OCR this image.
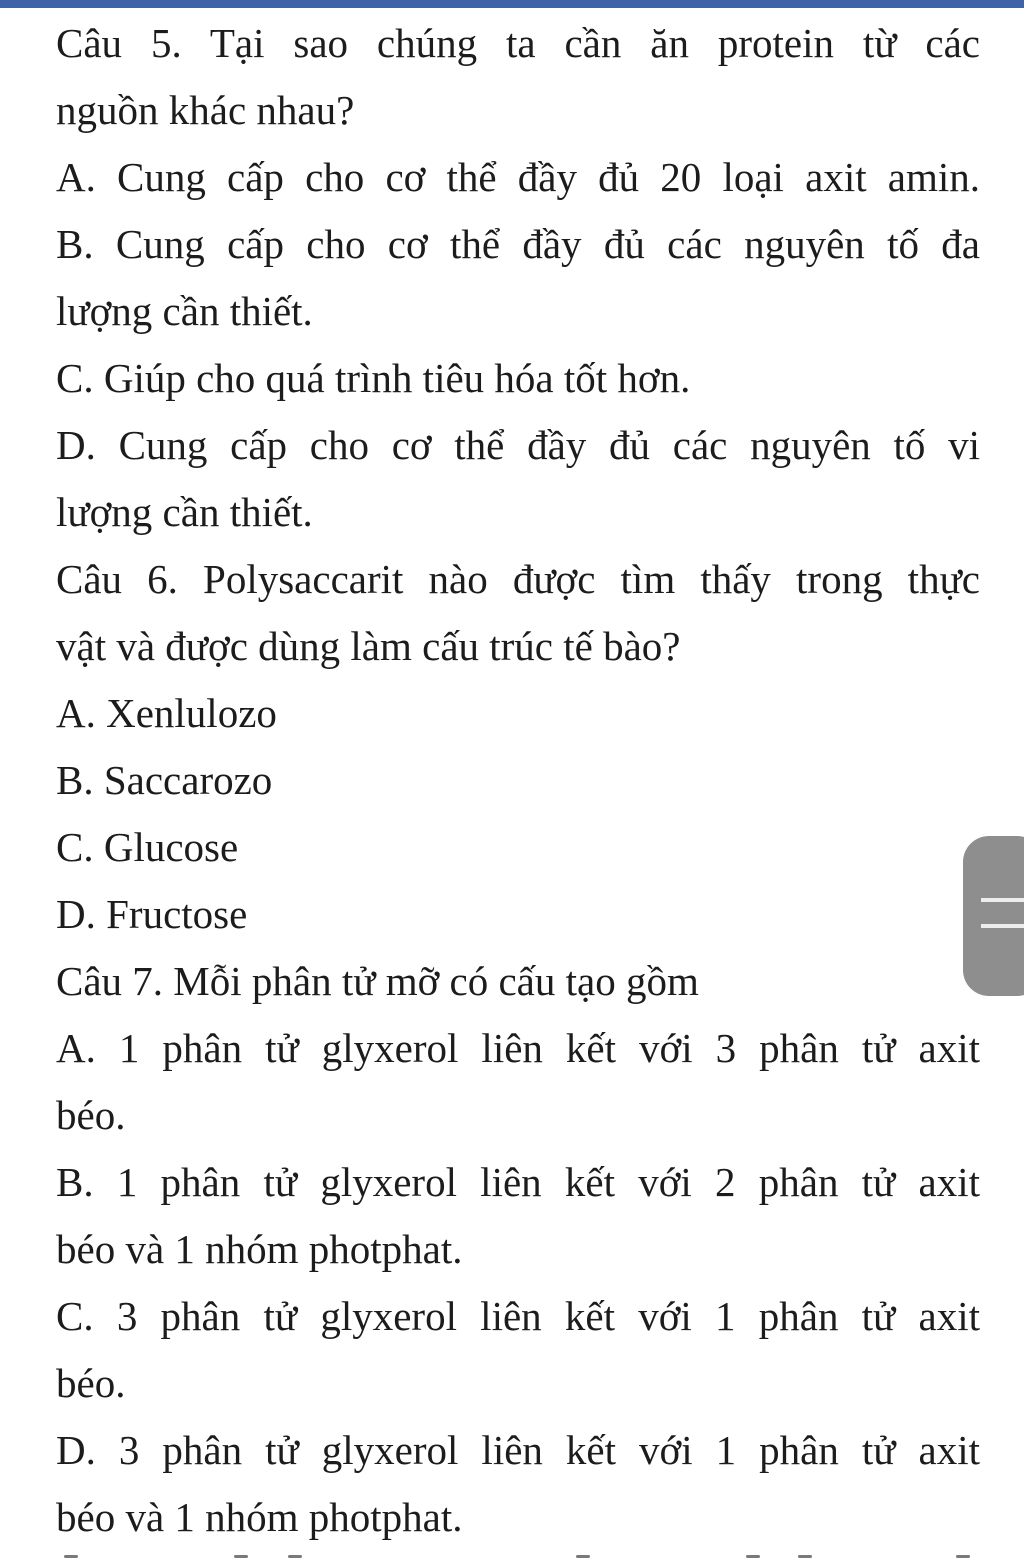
Câu 5. Tại sao chúng ta cần ăn protein từ các
nguồn khác nhau?
A. Cung cấp cho cơ thể đầy đủ 20 loại axit amin.
B. Cung cấp cho cơ thể đầy đủ các nguyên tố đa
lượng cần thiết.
C. Giúp cho quá trình tiêu hóa tốt hơn.
D. Cung cấp cho cơ thể đầy đủ các nguyên tố vi
lượng cần thiết.
Câu 6. Polysaccarit nào được tìm thấy trong thực
vật và được dùng làm cấu trúc tế bào?
A. Xenlulozo
B. Saccarozo
C. Glucose
D. Fructose
Câu 7. Mỗi phân tử mỡ có cấu tạo gồm
A. 1 phân tử glyxerol liên kết với 3 phân tử axit
béo.
B. 1 phân tử glyxerol liên kết với 2 phân tử axit
béo và 1 nhóm photphat.
C. 3 phân tử glyxerol liên kết với 1 phân tử axit
béo.
D. 3 phân tử glyxerol liên kết với 1 phân tử axit
béo và 1 nhóm photphat.
